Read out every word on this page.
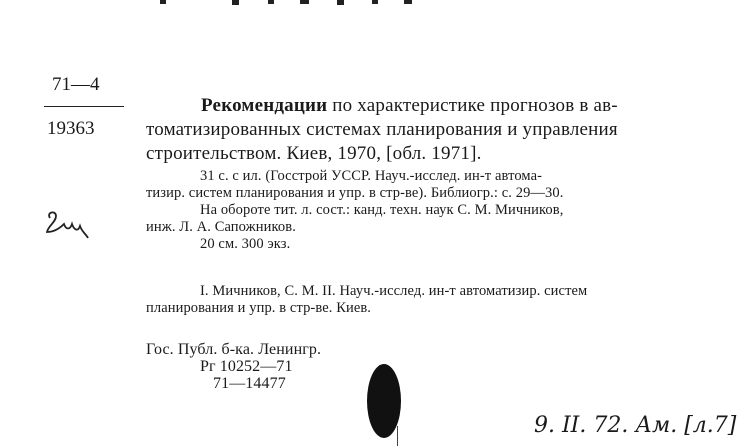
71—4
19363
Рекомендации по характеристике прогнозов в ав-
томатизированных системах планирования и управления
строительством. Киев, 1970, [обл. 1971].
31 с. с ил. (Госстрой УССР. Науч.-исслед. ин-т автома-
тизир. систем планирования и упр. в стр-ве). Библиогр.: с. 29—30.
На обороте тит. л. сост.: канд. техн. наук С. М. Мичников,
инж. Л. А. Сапожников.
20 см. 300 экз.
I. Мичников, С. М. II. Науч.-исслед. ин-т автоматизир. систем
планирования и упр. в стр-ве. Киев.
Гос. Публ. б-ка. Ленингр.
Рг 10252—71
71—14477
9. II. 72. Ам. [л.7]
